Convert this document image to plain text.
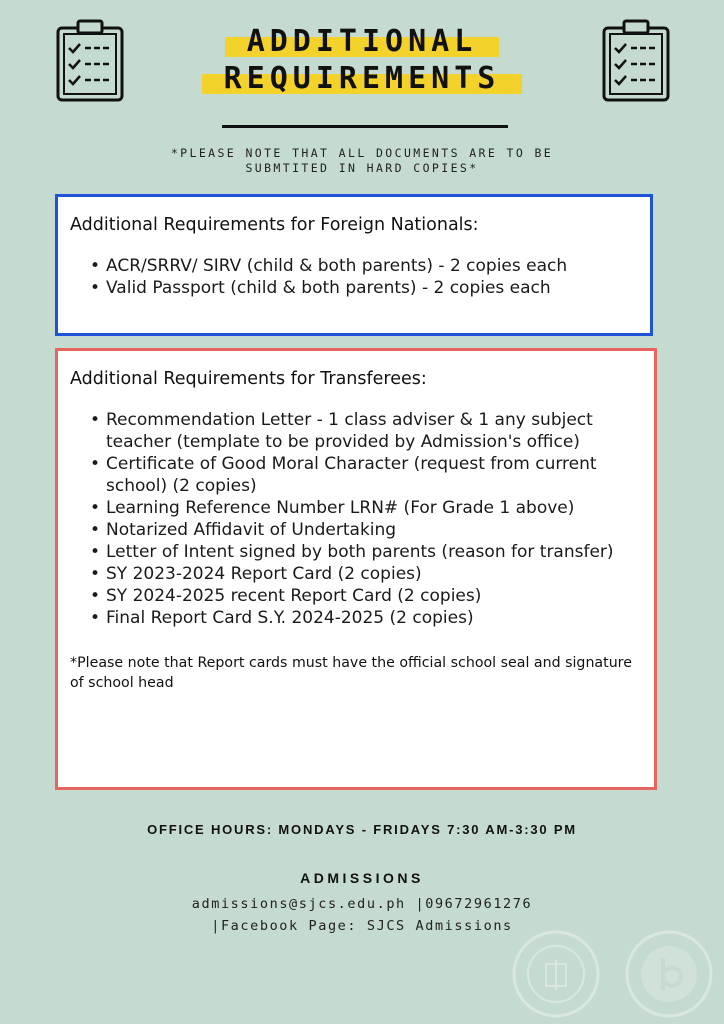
ADDITIONAL
REQUIREMENTS
*PLEASE NOTE THAT ALL DOCUMENTS ARE TO BE
SUBMTITED IN HARD COPIES*
Additional Requirements for Foreign Nationals:
• ACR/SRRV/ SIRV (child & both parents) - 2 copies each
• Valid Passport (child & both parents) - 2 copies each
Additional Requirements for Transferees:
• Recommendation Letter - 1 class adviser & 1 any subject teacher (template to be provided by Admission's office)
• Certificate of Good Moral Character (request from current school) (2 copies)
• Learning Reference Number LRN# (For Grade 1 above)
• Notarized Affidavit of Undertaking
• Letter of Intent signed by both parents (reason for transfer)
• SY 2023-2024 Report Card (2 copies)
• SY 2024-2025 recent Report Card (2 copies)
• Final Report Card S.Y. 2024-2025 (2 copies)

*Please note that Report cards must have the official school seal and signature of school head

OFFICE HOURS: MONDAYS - FRIDAYS 7:30 AM-3:30 PM
ADMISSIONS
admissions@sjcs.edu.ph |09672961276
|Facebook Page: SJCS Admissions
